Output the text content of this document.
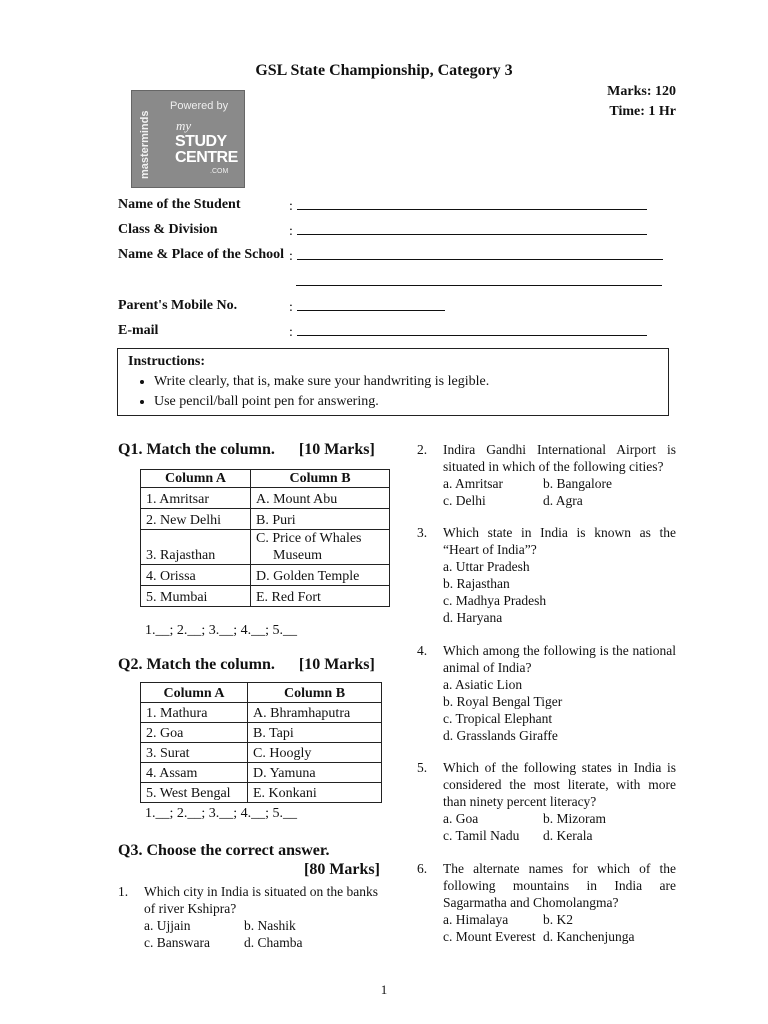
GSL State Championship, Category 3
Marks: 120
Time: 1 Hr
masterminds
Powered by
my
STUDY
CENTRE
.COM
Name of the Student	:
Class & Division	:
Name & Place of the School :
Parent's Mobile No.	:
E-mail	:
Instructions:
• Write clearly, that is, make sure your handwriting is legible.
• Use pencil/ball point pen for answering.
Q1. Match the column. [10 Marks]
Column A	Column B
1. Amritsar	A. Mount Abu
2. New Delhi	B. Puri
3. Rajasthan	C. Price of Whales
Museum

4. Orissa	D. Golden Temple
5. Mumbai	E. Red Fort
1.__; 2.__; 3.__; 4.__; 5.__
Q2. Match the column. [10 Marks]
Column A	Column B
1. Mathura	A. Bhramhaputra
2. Goa	B. Tapi
3. Surat	C. Hoogly
4. Assam	D. Yamuna
5. West Bengal	E. Konkani
1.__; 2.__; 3.__; 4.__; 5.__
Q3. Choose the correct answer.
[80 Marks]
1. Which city in India is situated on the banks of river Kshipra?
a. Ujjain	b. Nashik
c. Banswara	d. Chamba
2. Indira Gandhi International Airport is situated in which of the following cities?
a. Amritsar	b. Bangalore
c. Delhi	d. Agra
3. Which state in India is known as the “Heart of India”?
a. Uttar Pradesh
b. Rajasthan
c. Madhya Pradesh
d. Haryana
4. Which among the following is the national animal of India?
a. Asiatic Lion
b. Royal Bengal Tiger
c. Tropical Elephant
d. Grasslands Giraffe
5. Which of the following states in India is considered the most literate, with more than ninety percent literacy?
a. Goa	b. Mizoram
c. Tamil Nadu	d. Kerala
6. The alternate names for which of the following mountains in India are Sagarmatha and Chomolangma?
a. Himalaya	b. K2
c. Mount Everest d. Kanchenjunga
1
